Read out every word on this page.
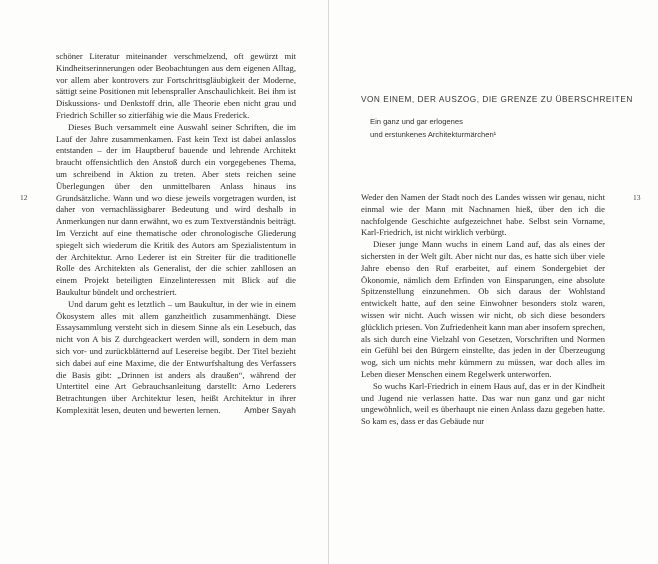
12

schöner Literatur miteinander verschmelzend, oft gewürzt mit Kindheitserinnerungen oder Beobachtungen aus dem eigenen Alltag, vor allem aber kontrovers zur Fortschrittsgläubigkeit der Moderne, sättigt seine Positionen mit lebenspraller Anschaulichkeit. Bei ihm ist Diskussions- und Denkstoff drin, alle Theorie eben nicht grau und Friedrich Schiller so zitierfähig wie die Maus Frederick.

Dieses Buch versammelt eine Auswahl seiner Schriften, die im Lauf der Jahre zusammenkamen. Fast kein Text ist dabei anlasslos entstanden – der im Hauptberuf bauende und lehrende Architekt braucht offensichtlich den Anstoß durch ein vorgegebenes Thema, um schreibend in Aktion zu treten. Aber stets reichen seine Überlegungen über den unmittelbaren Anlass hinaus ins Grundsätzliche. Wann und wo diese jeweils vorgetragen wurden, ist daher von vernachlässigbarer Bedeutung und wird deshalb in Anmerkungen nur dann erwähnt, wo es zum Textverständnis beiträgt. Im Verzicht auf eine thematische oder chronologische Gliederung spiegelt sich wiederum die Kritik des Autors am Spezialistentum in der Architektur. Arno Lederer ist ein Streiter für die traditionelle Rolle des Architekten als Generalist, der die schier zahllosen an einem Projekt beteiligten Einzelinteressen mit Blick auf die Baukultur bündelt und orchestriert.

Und darum geht es letztlich – um Baukultur, in der wie in einem Ökosystem alles mit allem ganzheitlich zusammenhängt. Diese Essaysammlung versteht sich in diesem Sinne als ein Lesebuch, das nicht von A bis Z durchgeackert werden will, sondern in dem man sich vor- und zurückblätternd auf Lesereise begibt. Der Titel bezieht sich dabei auf eine Maxime, die der Entwurfshaltung des Verfassers die Basis gibt: „Drinnen ist anders als draußen“, während der Untertitel eine Art Gebrauchsanleitung darstellt: Arno Lederers Betrachtungen über Architektur lesen, heißt Architektur in ihrer Komplexität lesen, deuten und bewerten lernen.	Amber Sayah

VON EINEM, DER AUSZOG, DIE GRENZE ZU ÜBERSCHREITEN
Ein ganz und gar erlogenes
und erstunkenes Architekturmärchen¹
13

Weder den Namen der Stadt noch des Landes wissen wir genau, nicht einmal wie der Mann mit Nachnamen hieß, über den ich die nachfolgende Geschichte aufgezeichnet habe. Selbst sein Vorname, Karl-Friedrich, ist nicht wirklich verbürgt.

Dieser junge Mann wuchs in einem Land auf, das als eines der sichersten in der Welt gilt. Aber nicht nur das, es hatte sich über viele Jahre ebenso den Ruf erarbeitet, auf einem Sondergebiet der Ökonomie, nämlich dem Erfinden von Einsparungen, eine absolute Spitzenstellung einzunehmen. Ob sich daraus der Wohlstand entwickelt hatte, auf den seine Einwohner besonders stolz waren, wissen wir nicht. Auch wissen wir nicht, ob sich diese besonders glücklich priesen. Von Zufriedenheit kann man aber insofern sprechen, als sich durch eine Vielzahl von Gesetzen, Vorschriften und Normen ein Gefühl bei den Bürgern einstellte, das jeden in der Überzeugung wog, sich um nichts mehr kümmern zu müssen, war doch alles im Leben dieser Menschen einem Regelwerk unterworfen.

So wuchs Karl-Friedrich in einem Haus auf, das er in der Kindheit und Jugend nie verlassen hatte. Das war nun ganz und gar nicht ungewöhnlich, weil es überhaupt nie einen Anlass dazu gegeben hatte. So kam es, dass er das Gebäude nur
